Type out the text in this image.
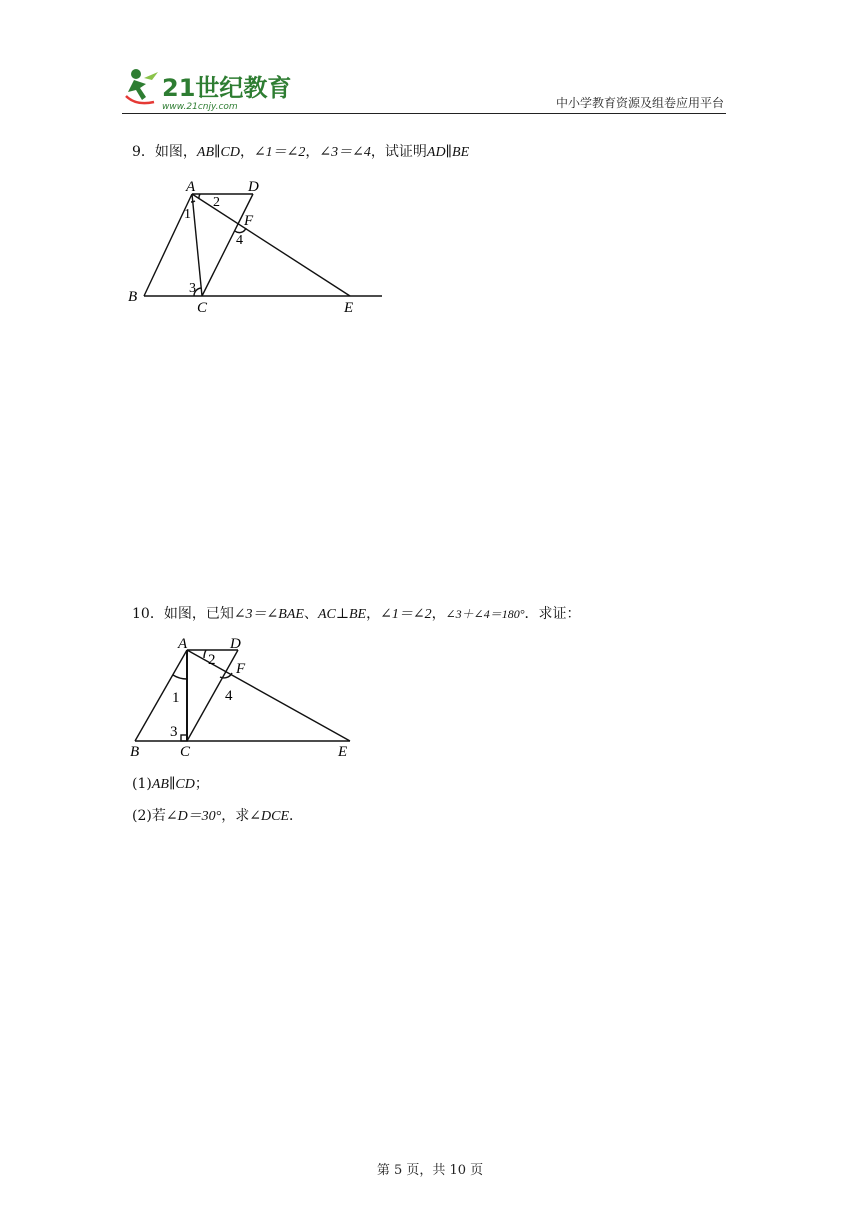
21世纪教育
www.21cnjy.com	中小学教育资源及组卷应用平台
9．如图，AB∥CD，∠1＝∠2，∠3＝∠4，试证明AD∥BE
A	D
F
B
C	E
1
2
3
4
10．如图，已知∠3＝∠BAE、AC⊥BE，∠1＝∠2，∠3＋∠4＝180°．求证：
A	D
F
B	C	E
1
2
3
4
(1)AB∥CD；
(2)若∠D＝30°，求∠DCE．
第 5 页，共 10 页
